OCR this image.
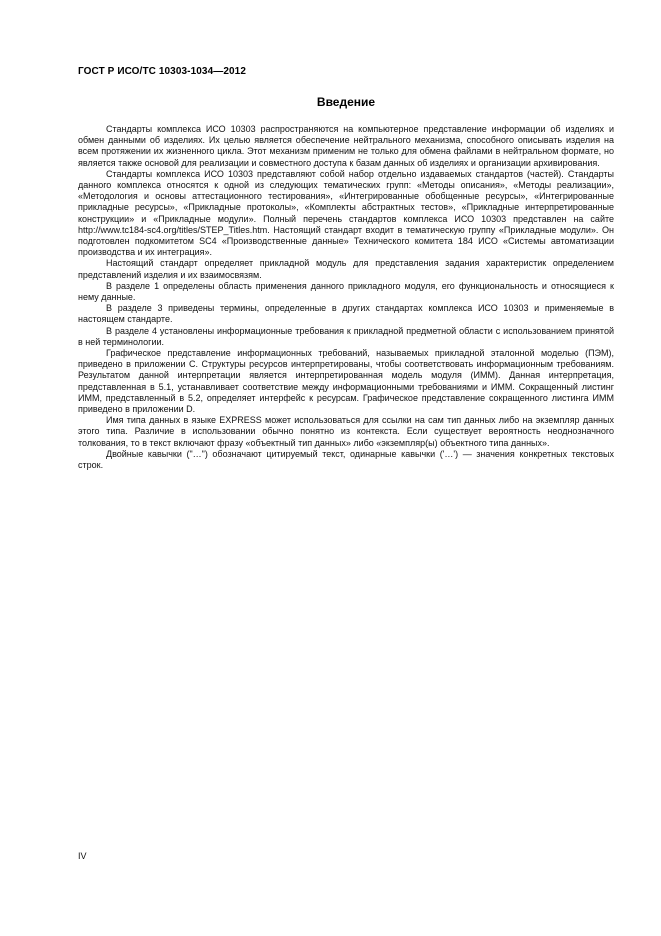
ГОСТ Р ИСО/ТС 10303-1034—2012
Введение

Стандарты комплекса ИСО 10303 распространяются на компьютерное представление информации об изделиях и обмен данными об изделиях. Их целью является обеспечение нейтрального механизма, способного описывать изделия на всем протяжении их жизненного цикла. Этот механизм применим не только для обмена файлами в нейтральном формате, но является также основой для реализации и совместного доступа к базам данных об изделиях и организации архивирования.

Стандарты комплекса ИСО 10303 представляют собой набор отдельно издаваемых стандартов (частей). Стандарты данного комплекса относятся к одной из следующих тематических групп: «Методы описания», «Методы реализации», «Методология и основы аттестационного тестирования», «Интегрированные обобщенные ресурсы», «Интегрированные прикладные ресурсы», «Прикладные протоколы», «Комплекты абстрактных тестов», «Прикладные интерпретированные конструкции» и «Прикладные модули». Полный перечень стандартов комплекса ИСО 10303 представлен на сайте http://www.tc184-sc4.org/titles/STEP_Titles.htm. Настоящий стандарт входит в тематическую группу «Прикладные модули». Он подготовлен подкомитетом SC4 «Производственные данные» Технического комитета 184 ИСО «Системы автоматизации производства и их интеграция».

Настоящий стандарт определяет прикладной модуль для представления задания характеристик определением представлений изделия и их взаимосвязям.

В разделе 1 определены область применения данного прикладного модуля, его функциональность и относящиеся к нему данные.

В разделе 3 приведены термины, определенные в других стандартах комплекса ИСО 10303 и применяемые в настоящем стандарте.

В разделе 4 установлены информационные требования к прикладной предметной области с использованием принятой в ней терминологии.

Графическое представление информационных требований, называемых прикладной эталонной моделью (ПЭМ), приведено в приложении С. Структуры ресурсов интерпретированы, чтобы соответствовать информационным требованиям. Результатом данной интерпретации является интерпретированная модель модуля (ИММ). Данная интерпретация, представленная в 5.1, устанавливает соответствие между информационными требованиями и ИММ. Сокращенный листинг ИММ, представленный в 5.2, определяет интерфейс к ресурсам. Графическое представление сокращенного листинга ИММ приведено в приложении D.

Имя типа данных в языке EXPRESS может использоваться для ссылки на сам тип данных либо на экземпляр данных этого типа. Различие в использовании обычно понятно из контекста. Если существует вероятность неоднозначного толкования, то в текст включают фразу «объектный тип данных» либо «экземпляр(ы) объектного типа данных».

Двойные кавычки ("…") обозначают цитируемый текст, одинарные кавычки ('…') — значения конкретных текстовых строк.

IV
